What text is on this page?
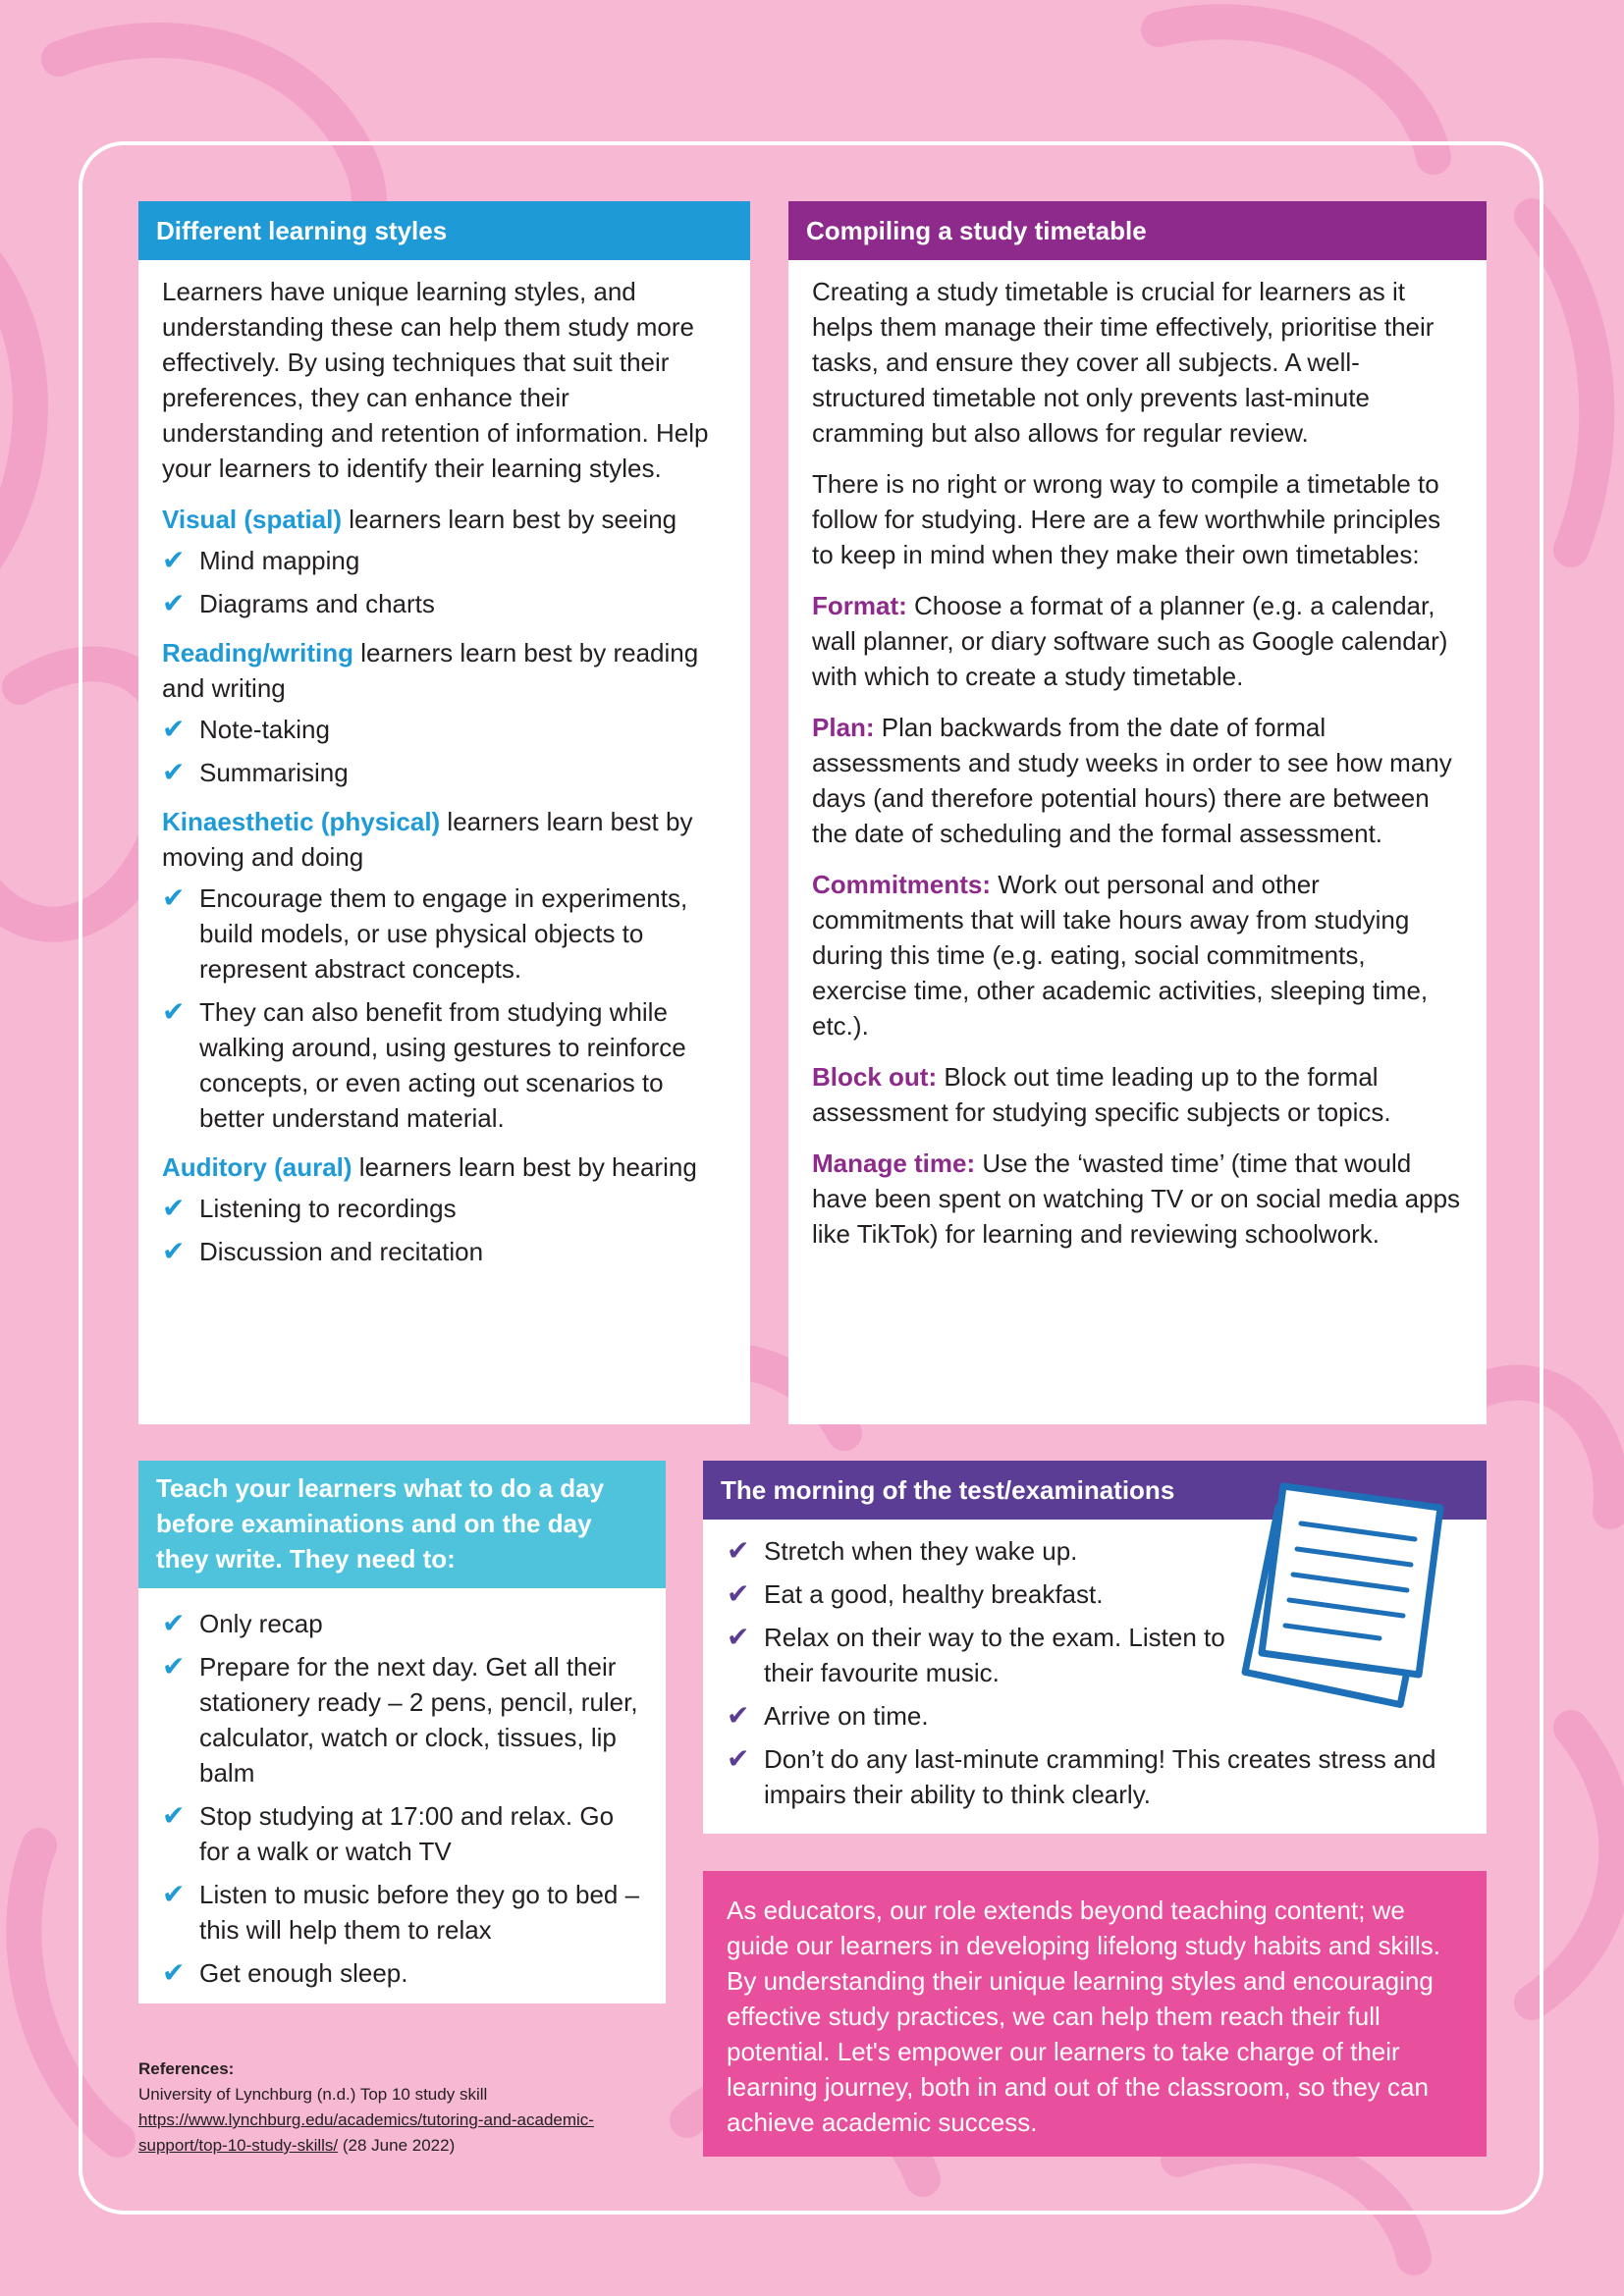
Different learning styles

Learners have unique learning styles, and understanding these can help them study more effectively. By using techniques that suit their preferences, they can enhance their understanding and retention of information. Help your learners to identify their learning styles.

Visual (spatial) learners learn best by seeing

✔ Mind mapping
✔ Diagrams and charts

Reading/writing learners learn best by reading and writing

✔ Note-taking
✔ Summarising

Kinaesthetic (physical) learners learn best by moving and doing

✔ Encourage them to engage in experiments, build models, or use physical objects to represent abstract concepts.
✔ They can also benefit from studying while walking around, using gestures to reinforce concepts, or even acting out scenarios to better understand material.

Auditory (aural) learners learn best by hearing

✔ Listening to recordings
✔ Discussion and recitation
Compiling a study timetable

Creating a study timetable is crucial for learners as it helps them manage their time effectively, prioritise their tasks, and ensure they cover all subjects. A well-structured timetable not only prevents last-minute cramming but also allows for regular review.

There is no right or wrong way to compile a timetable to follow for studying. Here are a few worthwhile principles to keep in mind when they make their own timetables:

Format: Choose a format of a planner (e.g. a calendar, wall planner, or diary software such as Google calendar) with which to create a study timetable.

Plan: Plan backwards from the date of formal assessments and study weeks in order to see how many days (and therefore potential hours) there are between the date of scheduling and the formal assessment.

Commitments: Work out personal and other commitments that will take hours away from studying during this time (e.g. eating, social commitments, exercise time, other academic activities, sleeping time, etc.).

Block out: Block out time leading up to the formal assessment for studying specific subjects or topics.

Manage time: Use the ‘wasted time’ (time that would have been spent on watching TV or on social media apps like TikTok) for learning and reviewing schoolwork.

Teach your learners what to do a day before examinations and on the day they write. They need to:
✔ Only recap
✔ Prepare for the next day. Get all their stationery ready – 2 pens, pencil, ruler, calculator, watch or clock, tissues, lip balm
✔ Stop studying at 17:00 and relax. Go for a walk or watch TV
✔ Listen to music before they go to bed – this will help them to relax
✔ Get enough sleep.
The morning of the test/examinations
✔ Stretch when they wake up.
✔ Eat a good, healthy breakfast.
✔ Relax on their way to the exam. Listen to their favourite music.
✔ Arrive on time.
✔ Don’t do any last-minute cramming! This creates stress and impairs their ability to think clearly.
As educators, our role extends beyond teaching content; we guide our learners in developing lifelong study habits and skills. By understanding their unique learning styles and encouraging effective study practices, we can help them reach their full potential. Let's empower our learners to take charge of their learning journey, both in and out of the classroom, so they can achieve academic success.
References:
University of Lynchburg (n.d.) Top 10 study skill https://www.lynchburg.edu/academics/tutoring-and-academic-support/top-10-study-skills/ (28 June 2022)
